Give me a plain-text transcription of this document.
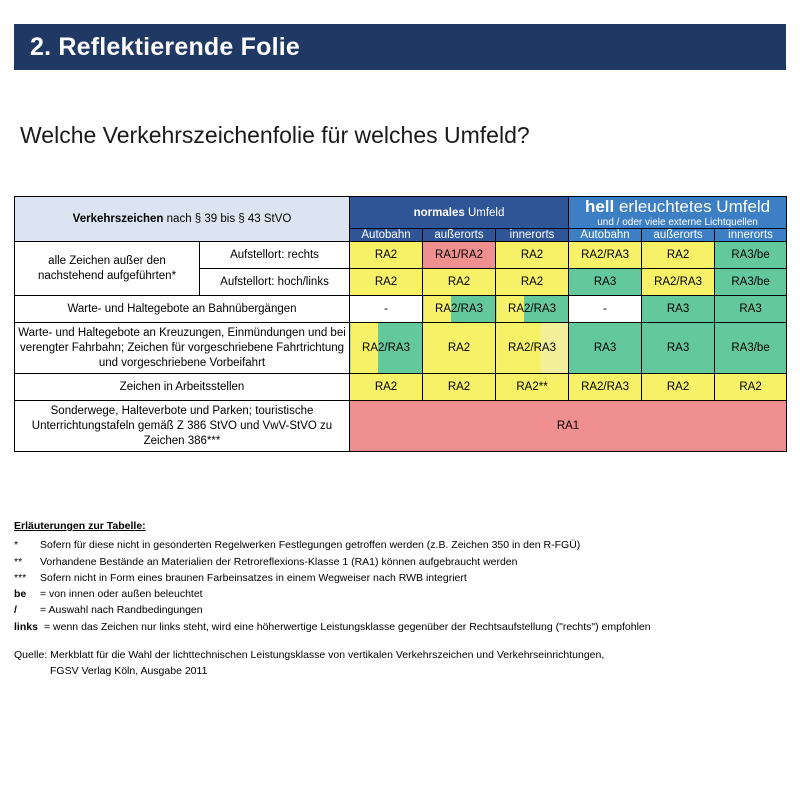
2. Reflektierende Folie
Welche Verkehrszeichenfolie für welches Umfeld?
Verkehrszeichen nach § 39 bis § 43 StVO		normales Umfeld			hell erleuchtetes Umfeld
und / oder viele externe Lichtquellen		

		Autobahn	außerorts	innerorts	Autobahn	außerorts	innerorts
alle Zeichen außer den nachstehend aufgeführten*	Aufstellort: rechts	RA2	RA1/RA2	RA2	RA2/RA3	RA2	RA3/be

	Aufstellort: hoch/links	RA2	RA2	RA2	RA3	RA2/RA3	RA3/be

Warte- und Haltegebote an Bahnübergängen		-	RA2/RA3	RA2/RA3	-	RA3	RA3

Warte- und Haltegebote an Kreuzungen, Einmündungen und bei verengter Fahrbahn; Zeichen für vorgeschriebene Fahrtrichtung und vorgeschriebene Vorbeifahrt		RA2/RA3	RA2	RA2/RA3	RA3	RA3	RA3/be

Zeichen in Arbeitsstellen		RA2	RA2	RA2**	RA2/RA3	RA2	RA2

Sonderwege, Halteverbote und Parken; touristische Unterrichtungstafeln gemäß Z 386 StVO und VwV-StVO zu Zeichen 386***		RA1					
Erläuterungen zur Tabelle:
* Sofern für diese nicht in gesonderten Regelwerken Festlegungen getroffen werden (z.B. Zeichen 350 in den R-FGÜ)
** Vorhandene Bestände an Materialien der Retroreflexions-Klasse 1 (RA1) können aufgebraucht werden
*** Sofern nicht in Form eines braunen Farbeinsatzes in einem Wegweiser nach RWB integriert
be = von innen oder außen beleuchtet
/ = Auswahl nach Randbedingungen
links = wenn das Zeichen nur links steht, wird eine höherwertige Leistungsklasse gegenüber der Rechtsaufstellung ("rechts") empfohlen
Quelle: Merkblatt für die Wahl der lichttechnischen Leistungsklasse von vertikalen Verkehrszeichen und Verkehrseinrichtungen,
FGSV Verlag Köln, Ausgabe 2011
